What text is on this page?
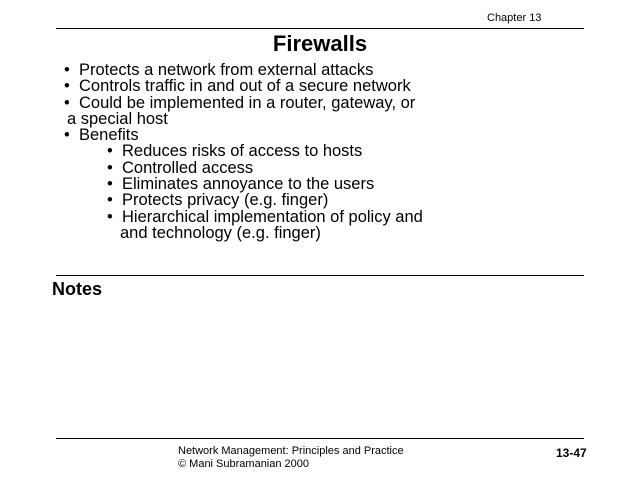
Chapter 13
Firewalls
• Protects a network from external attacks
• Controls traffic in and out of a secure network
• Could be implemented in a router, gateway, or
a special host
• Benefits
• Reduces risks of access to hosts
• Controlled access
• Eliminates annoyance to the users
• Protects privacy (e.g. finger)
• Hierarchical implementation of policy and
and technology (e.g. finger)
Notes
Network Management: Principles and Practice
© Mani Subramanian 2000
13-47
